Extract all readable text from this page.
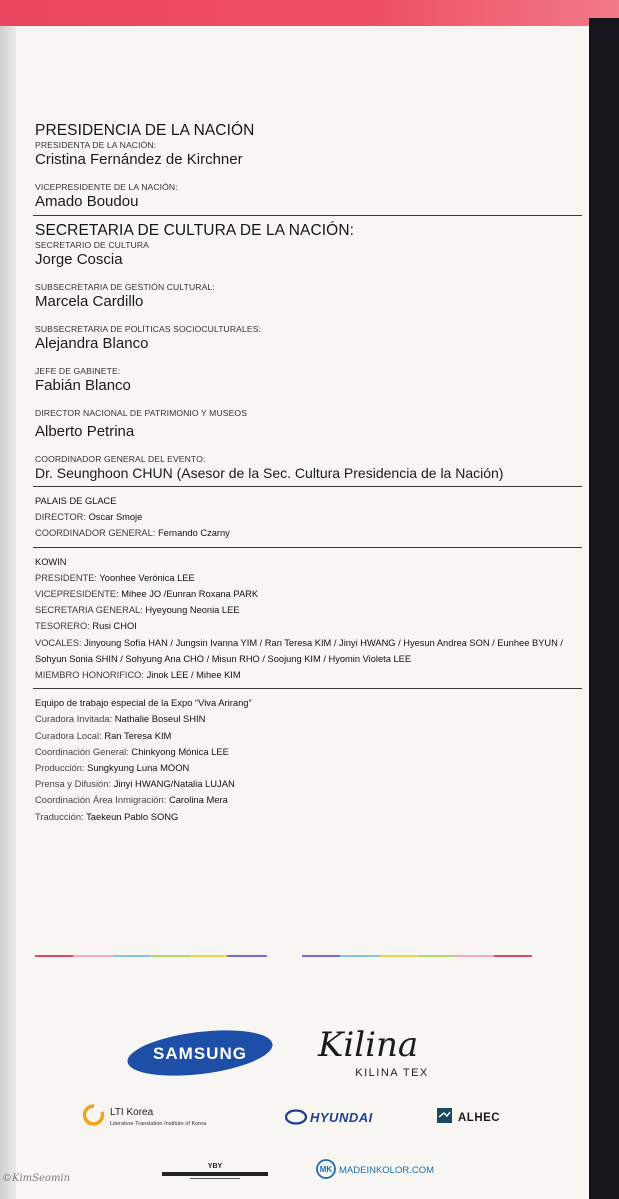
PRESIDENCIA DE LA NACIÓN
PRESIDENTA DE LA NACIÓN:
Cristina Fernández de Kirchner
VICEPRESIDENTE DE LA NACIÓN:
Amado Boudou
SECRETARIA DE CULTURA DE LA NACIÓN:
SECRETARIO DE CULTURA
Jorge Coscia
SUBSECRETARIA DE GESTIÓN CULTURAL:
Marcela Cardillo
SUBSECRETARIA DE POLÍTICAS SOCIOCULTURALES:
Alejandra Blanco
JEFE DE GABINETE:
Fabián Blanco
DIRECTOR NACIONAL DE PATRIMONIO Y MUSEOS
Alberto Petrina
COORDINADOR GENERAL DEL EVENTO:
Dr. Seunghoon CHUN (Asesor de la Sec. Cultura Presidencia de la Nación)
PALAIS DE GLACE
DIRECTOR: Oscar Smoje
COORDINADOR GENERAL: Fernando Czarny
KOWIN
PRESIDENTE: Yoonhee Verónica LEE
VICEPRESIDENTE: Mihee JO /Eunran Roxana PARK
SECRETARIA GENERAL: Hyeyoung Neonia LEE
TESORERO: Rusi CHOI
VOCALES: Jinyoung Sofía HAN / Jungsin Ivanna YIM / Ran Teresa KIM / Jinyi HWANG / Hyesun Andrea SON / Eunhee BYUN / Sohyun Sonia SHIN / Sohyung Ana CHO / Misun RHO / Soojung KIM / Hyomin Violeta LEE
MIEMBRO HONORIFICO: Jinok LEE / Mihee KIM
Equipo de trabajo especial de la Expo “Viva Arirang”
Curadora Invitada: Nathalie Boseul SHIN
Curadora Local: Ran Teresa KIM
Coordinación General: Chinkyong Mónica LEE
Producción: Sungkyung Luna MOON
Prensa y Difusión: Jinyi HWANG/Natalia LUJAN
Coordinación Área Inmigración: Carolina Mera
Traducción: Taekeun Pablo SONG
SAMSUNG Kilina
KILINA TEX
LTI Korea
Literature Translation Institute of Korea	HYUNDAI	ALHEC
YBY	MK MADEINKOLOR.COM
©KimSeomin
